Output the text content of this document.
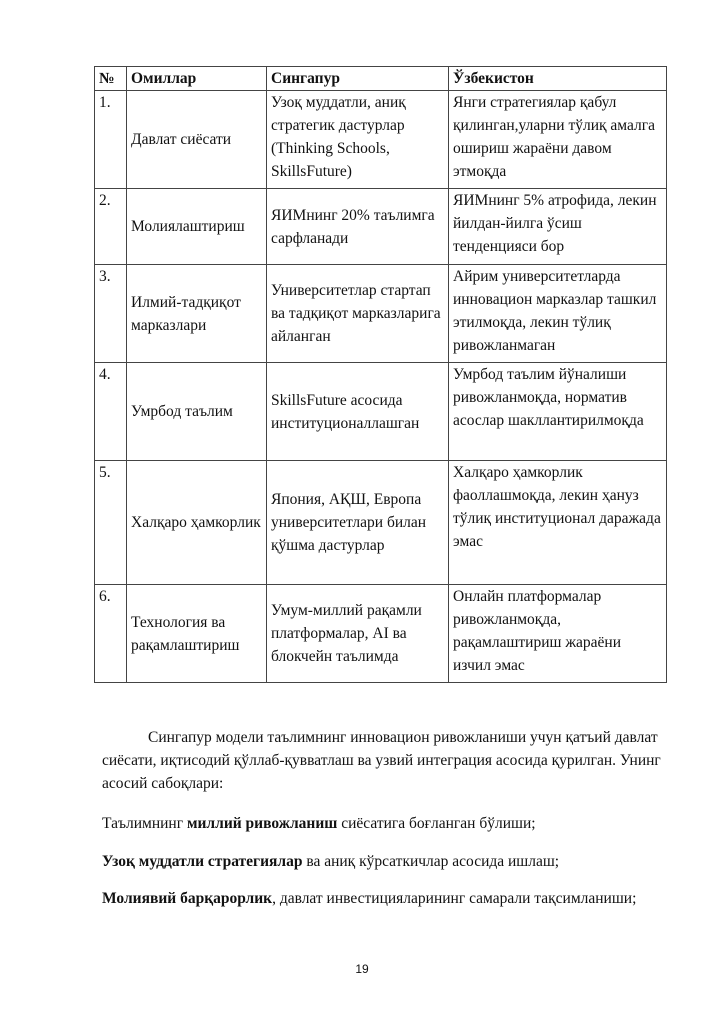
№	Омиллар	Сингапур	Ўзбекистон
1.	Давлат сиёсати	Узоқ муддатли, аниқ стратегик дастурлар (Thinking Schools, SkillsFuture)	Янги стратегиялар қабул қилинган,уларни тўлиқ амалга ошириш жараёни давом этмоқда
2.	Молиялаштириш	ЯИМнинг 20% таълимга сарфланади	ЯИМнинг 5% атрофида, лекин йилдан-йилга ўсиш тенденцияси бор
3.	Илмий-тадқиқот марказлари	Университетлар стартап ва тадқиқот марказларига айланган	Айрим университетларда инновацион марказлар ташкил этилмоқда, лекин тўлиқ ривожланмаган
4.	Умрбод таълим	SkillsFuture асосида институционаллашган	Умрбод таълим йўналиши ривожланмоқда, норматив асослар шакллантирилмоқда
5.	Халқаро ҳамкорлик	Япония, АҚШ, Европа университетлари билан қўшма дастурлар	Халқаро ҳамкорлик фаоллашмоқда, лекин ҳануз тўлиқ институционал даражада эмас
6.	Технология ва рақамлаштириш	Умум-миллий рақамли платформалар, AI ва блокчейн таълимда	Онлайн платформалар ривожланмоқда, рақамлаштириш жараёни изчил эмас

Сингапур модели таълимнинг инновацион ривожланиши учун қатъий давлат сиёсати, иқтисодий қўллаб-қувватлаш ва узвий интеграция асосида қурилган. Унинг асосий сабоқлари:

Таълимнинг миллий ривожланиш сиёсатига боғланган бўлиши;

Узоқ муддатли стратегиялар ва аниқ кўрсаткичлар асосида ишлаш;

Молиявий барқарорлик, давлат инвестицияларининг самарали тақсимланиши;

19
